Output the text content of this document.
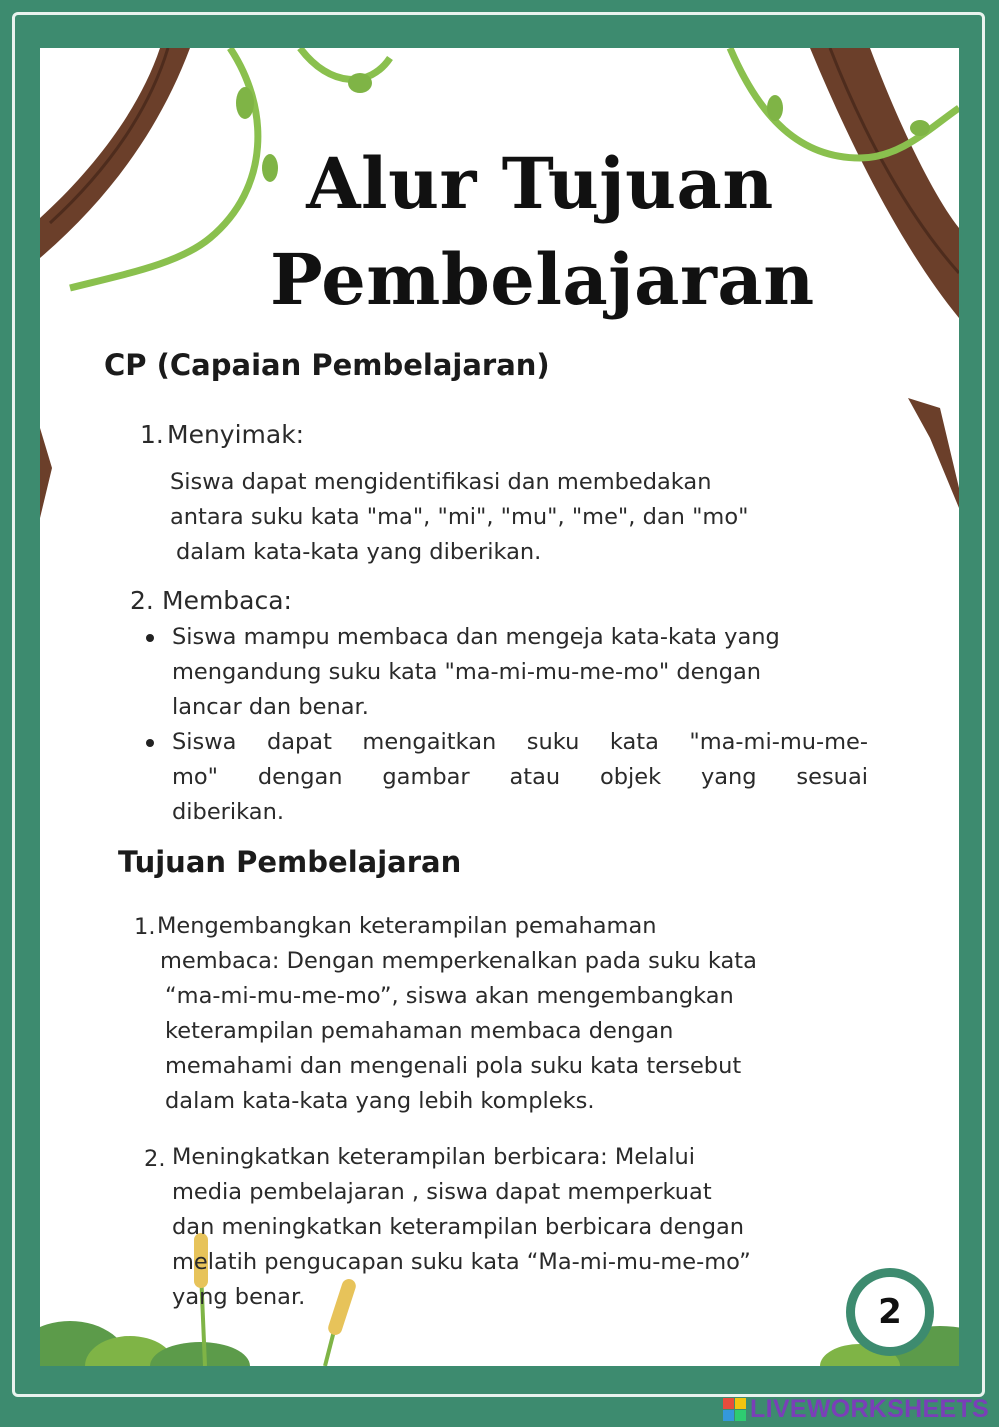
Alur Tujuan
Pembelajaran
CP (Capaian Pembelajaran)
1. Menyimak:
Siswa dapat mengidentifikasi dan membedakan
antara suku kata "ma", "mi", "mu", "me", dan "mo"
dalam kata-kata yang diberikan.
2. Membaca:
Siswa mampu membaca dan mengeja kata-kata yang
mengandung suku kata "ma-mi-mu-me-mo" dengan
lancar dan benar.
Siswa dapat mengaitkan suku kata "ma-mi-mu-me-
mo" dengan gambar atau objek yang sesuai
diberikan.
Tujuan Pembelajaran
1. Mengembangkan keterampilan pemahaman
membaca: Dengan memperkenalkan pada suku kata
“ma-mi-mu-me-mo”, siswa akan mengembangkan
keterampilan pemahaman membaca dengan
memahami dan mengenali pola suku kata tersebut
dalam kata-kata yang lebih kompleks.
2. Meningkatkan keterampilan berbicara: Melalui
media pembelajaran , siswa dapat memperkuat
dan meningkatkan keterampilan berbicara dengan
melatih pengucapan suku kata “Ma-mi-mu-me-mo”
yang benar.	2
LIVEWORKSHEETS
